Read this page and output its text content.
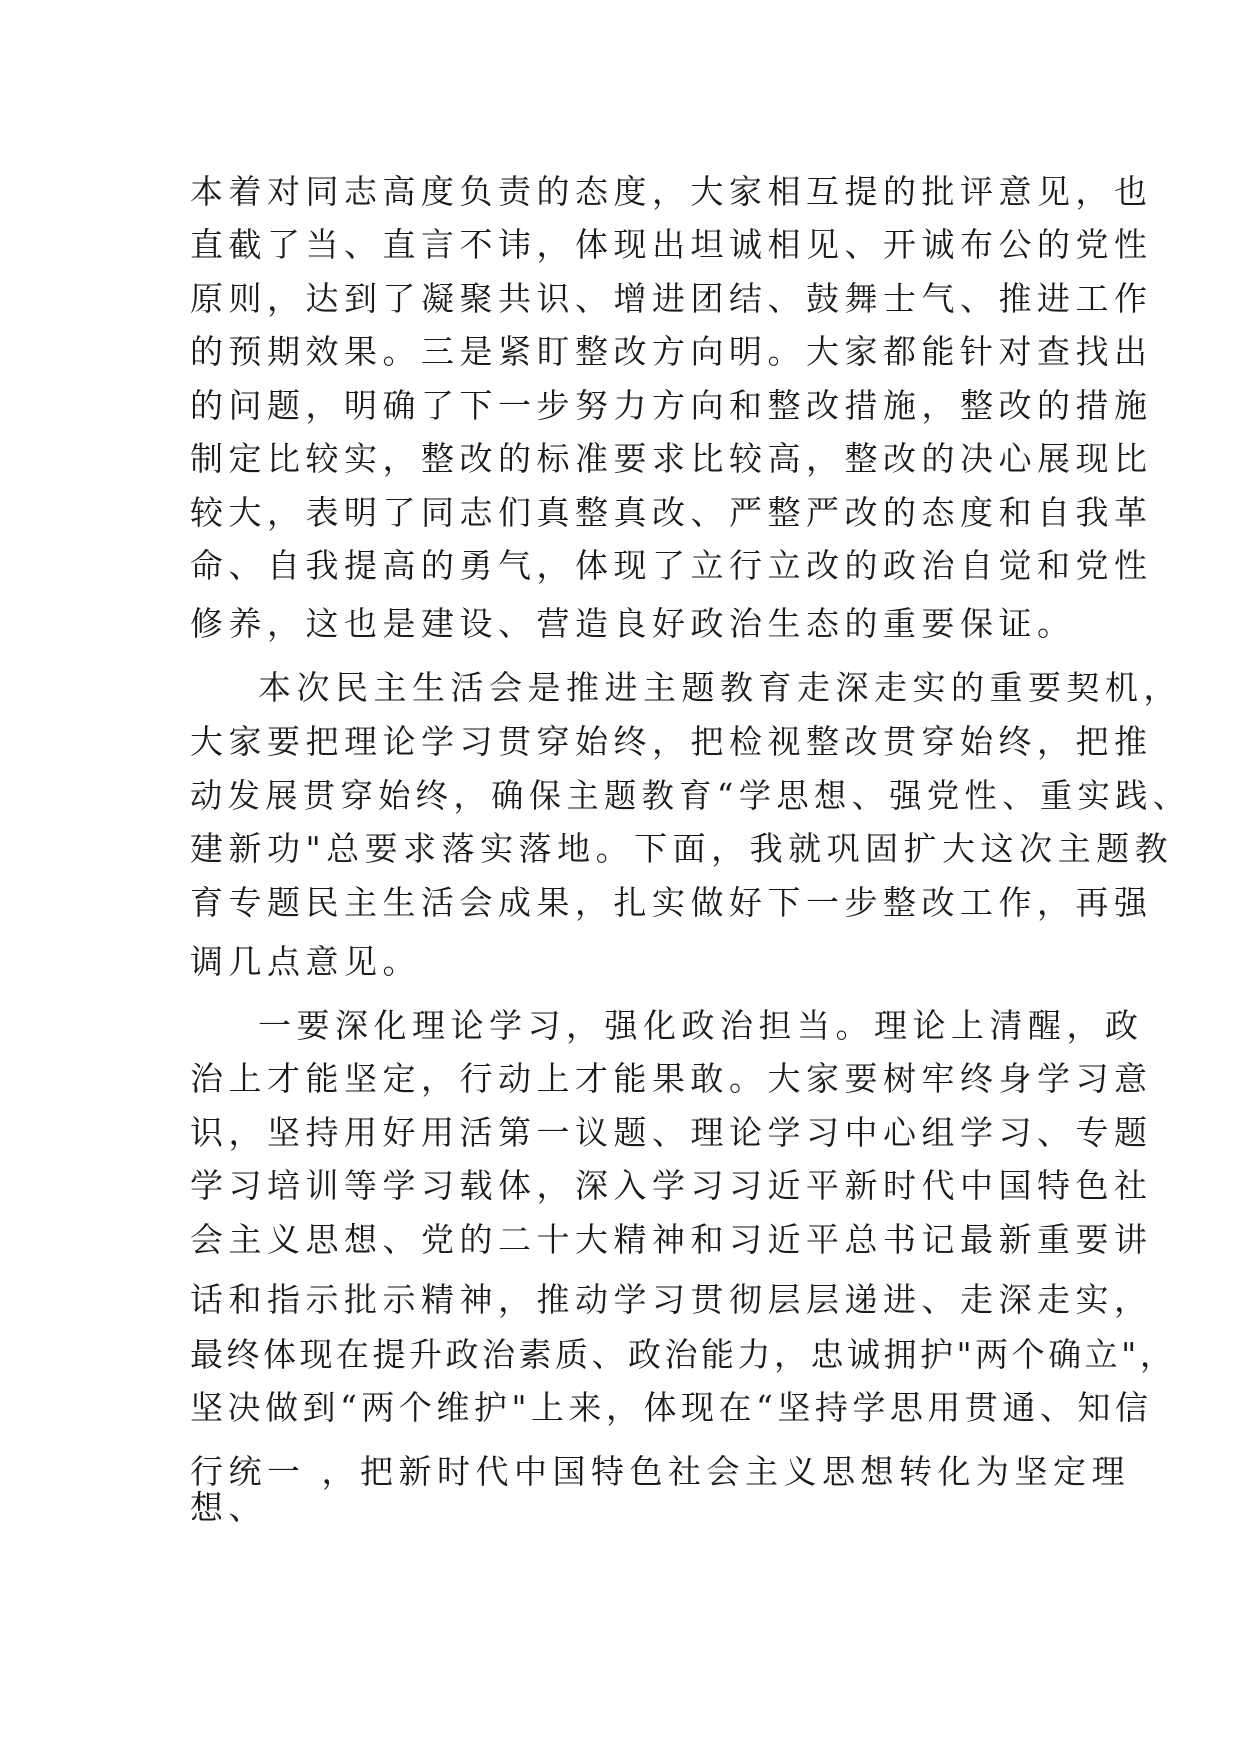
本着对同志高度负责的态度，大家相互提的批评意见，也
直截了当、直言不讳，体现出坦诚相见、开诚布公的党性
原则，达到了凝聚共识、增进团结、鼓舞士气、推进工作
的预期效果。三是紧盯整改方向明。大家都能针对查找出
的问题，明确了下一步努力方向和整改措施，整改的措施
制定比较实，整改的标准要求比较高，整改的决心展现比
较大，表明了同志们真整真改、严整严改的态度和自我革
命、自我提高的勇气，体现了立行立改的政治自觉和党性
修养，这也是建设、营造良好政治生态的重要保证。
本次民主生活会是推进主题教育走深走实的重要契机，
大家要把理论学习贯穿始终，把检视整改贯穿始终，把推
动发展贯穿始终，确保主题教育“学思想、强党性、重实践、
建新功"总要求落实落地。下面，我就巩固扩大这次主题教
育专题民主生活会成果，扎实做好下一步整改工作，再强
调几点意见。
一要深化理论学习，强化政治担当。理论上清醒，政
治上才能坚定，行动上才能果敢。大家要树牢终身学习意
识，坚持用好用活第一议题、理论学习中心组学习、专题
学习培训等学习载体，深入学习习近平新时代中国特色社
会主义思想、党的二十大精神和习近平总书记最新重要讲
话和指示批示精神，推动学习贯彻层层递进、走深走实，
最终体现在提升政治素质、政治能力，忠诚拥护"两个确立"，
坚决做到“两个维护"上来，体现在“坚持学思用贯通、知信
行统一 ，把新时代中国特色社会主义思想转化为坚定理
想、
